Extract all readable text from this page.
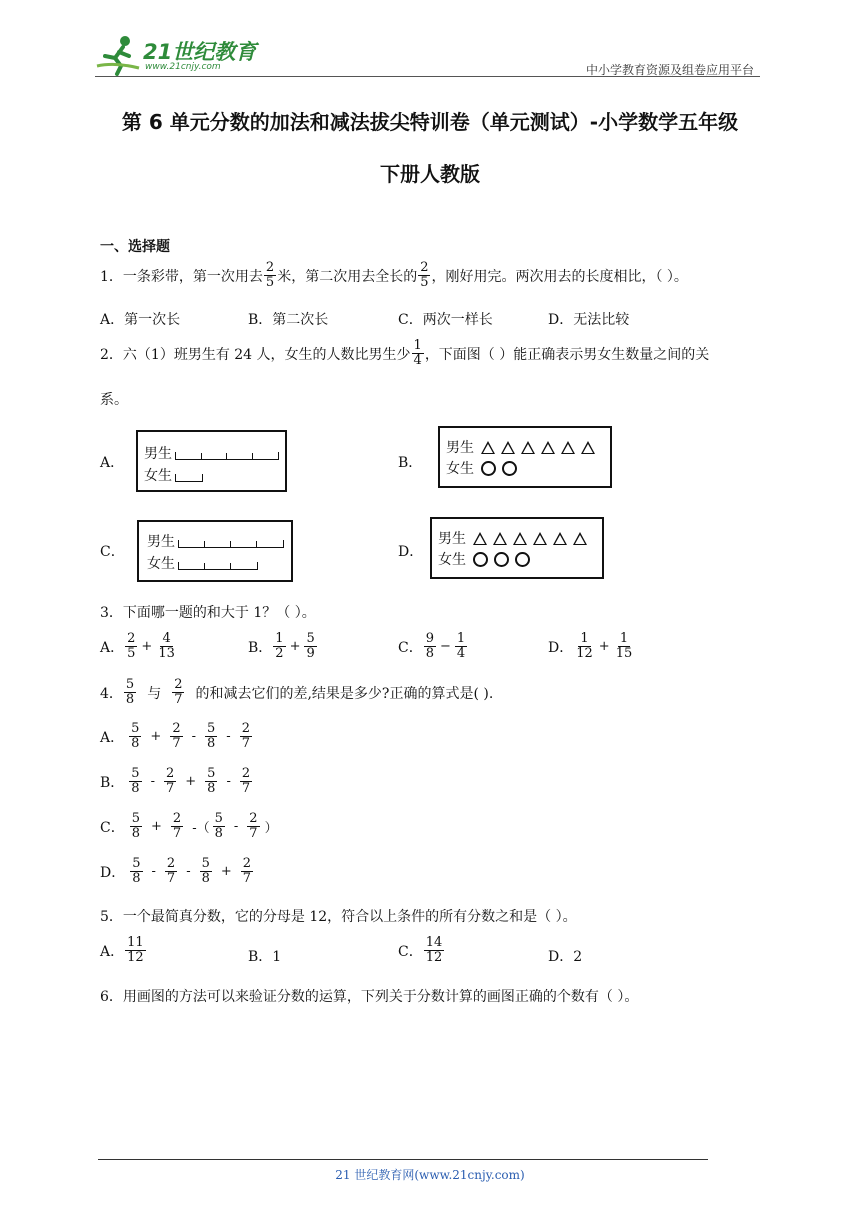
21世纪教育
www.21cnjy.com	中小学教育资源及组卷应用平台
第 6 单元分数的加法和减法拔尖特训卷（单元测试）-小学数学五年级
下册人教版
一、选择题
1．一条彩带，第一次用去 $\frac{2}{5}$ 米，第二次用去全长的 $\frac{2}{5}$ ，刚好用完。两次用去的长度相比，（ ）。
A．第一次长	B．第二次长	C．两次一样长	D．无法比较
2．六（1）班男生有 24 人，女生的人数比男生少 $\frac{1}{4}$ ，下面图（ ）能正确表示男女生数量之间的关
系。
A．
男生
女生
B．
男生
女生
C．
男生
女生
D．
男生
女生
3．下面哪一题的和大于 1？（ ）。
A． $\frac{2}{5} + \frac{4}{13}$	B． $\frac{1}{2} + \frac{5}{9}$	C． $\frac{9}{8} - \frac{1}{4}$	D． $\frac{1}{12} + \frac{1}{15}$
4． $\frac{5}{8}$ 与 $\frac{2}{7}$ 的和减去它们的差,结果是多少?正确的算式是( ).
A． $\frac{5}{8} + \frac{2}{7} - \frac{5}{8} - \frac{2}{7}$
B． $\frac{5}{8} - \frac{2}{7} + \frac{5}{8} - \frac{2}{7}$
C． $\frac{5}{8} + \frac{2}{7}$ -（ $\frac{5}{8} - \frac{2}{7}$ ）
D． $\frac{5}{8} - \frac{2}{7} - \frac{5}{8} + \frac{2}{7}$
5．一个最简真分数，它的分母是 12，符合以上条件的所有分数之和是（ ）。
A． $\frac{11}{12}$	B．1	C． $\frac{14}{12}$	D．2
6．用画图的方法可以来验证分数的运算，下列关于分数计算的画图正确的个数有（ ）。
21 世纪教育网(www.21cnjy.com)
